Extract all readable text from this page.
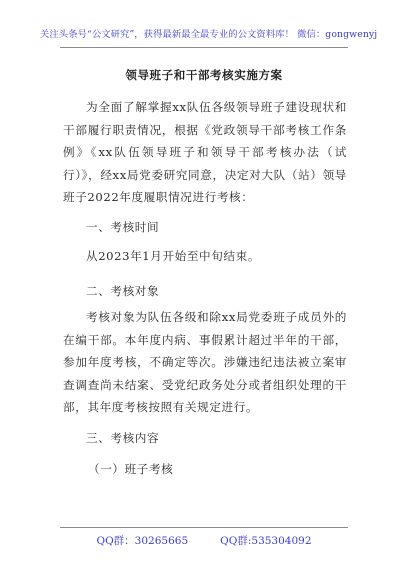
关注头条号“公文研究”，获得最新最全最专业的公文资料库！ 微信：gongwenyj
领导班子和干部考核实施方案
为全面了解掌握xx队伍各级领导班子建设现状和干部履行职责情况，根据《党政领导干部考核工作条例》《xx队伍领导班子和领导干部考核办法（试行）》，经xx局党委研究同意，决定对大队（站）领导班子2022年度履职情况进行考核：
一、考核时间
从2023年1月开始至中旬结束。
二、考核对象
考核对象为队伍各级和除xx局党委班子成员外的在编干部。本年度内病、事假累计超过半年的干部，参加年度考核，不确定等次。涉嫌违纪违法被立案审查调查尚未结案、受党纪政务处分或者组织处理的干部，其年度考核按照有关规定进行。
三、考核内容
（一）班子考核
QQ群：30265665	QQ群:535304092
